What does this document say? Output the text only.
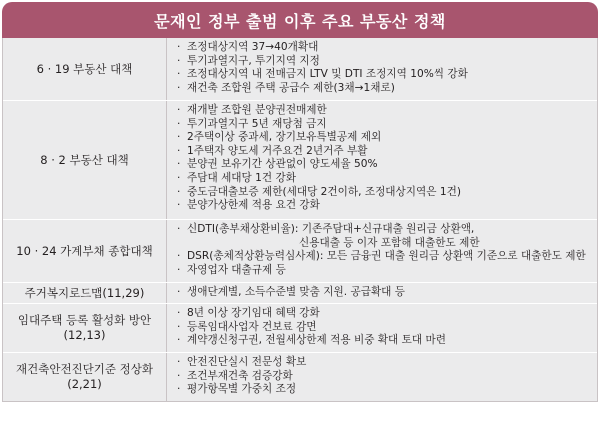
문재인 정부 출범 이후 주요 부동산 정책
6 · 19 부동산 대책
· 조정대상지역 37→40개확대
· 투기과열지구, 투기지역 지정
· 조정대상지역 내 전매금지 LTV 및 DTI 조정지역 10%씩 강화
· 재건축 조합원 주택 공급수 제한(3채→1채로)
8 · 2 부동산 대책
· 재개발 조합원 분양권전매제한
· 투기과열지구 5년 재당첨 금지
· 2주택이상 중과세, 장기보유특별공제 제외
· 1주택자 양도세 거주요건 2년거주 부활
· 분양권 보유기간 상관없이 양도세율 50%
· 주담대 세대당 1건 강화
· 중도금대출보증 제한(세대당 2건이하, 조정대상지역은 1건)
· 분양가상한제 적용 요건 강화
10 · 24 가계부채 종합대책
· 신DTI(총부채상환비율): 기존주담대+신규대출 원리금 상환액,
신용대출 등 이자 포함해 대출한도 제한
· DSR(총체적상환능력심사제): 모든 금융권 대출 원리금 상환액 기준으로 대출한도 제한
· 자영업자 대출규제 등
주거복지로드맵(11,29)	· 생애단계별, 소득수준별 맞춤 지원. 공급확대 등
임대주택 등록 활성화 방안 (12,13)
· 8년 이상 장기임대 혜택 강화
· 등록임대사업자 건보료 감면
· 계약갱신청구권, 전월세상한제 적용 비중 확대 토대 마련
재건축안전진단기준 정상화 (2,21)
· 안전진단실시 전문성 확보
· 조건부재건축 검증강화
· 평가항목별 가중치 조정
